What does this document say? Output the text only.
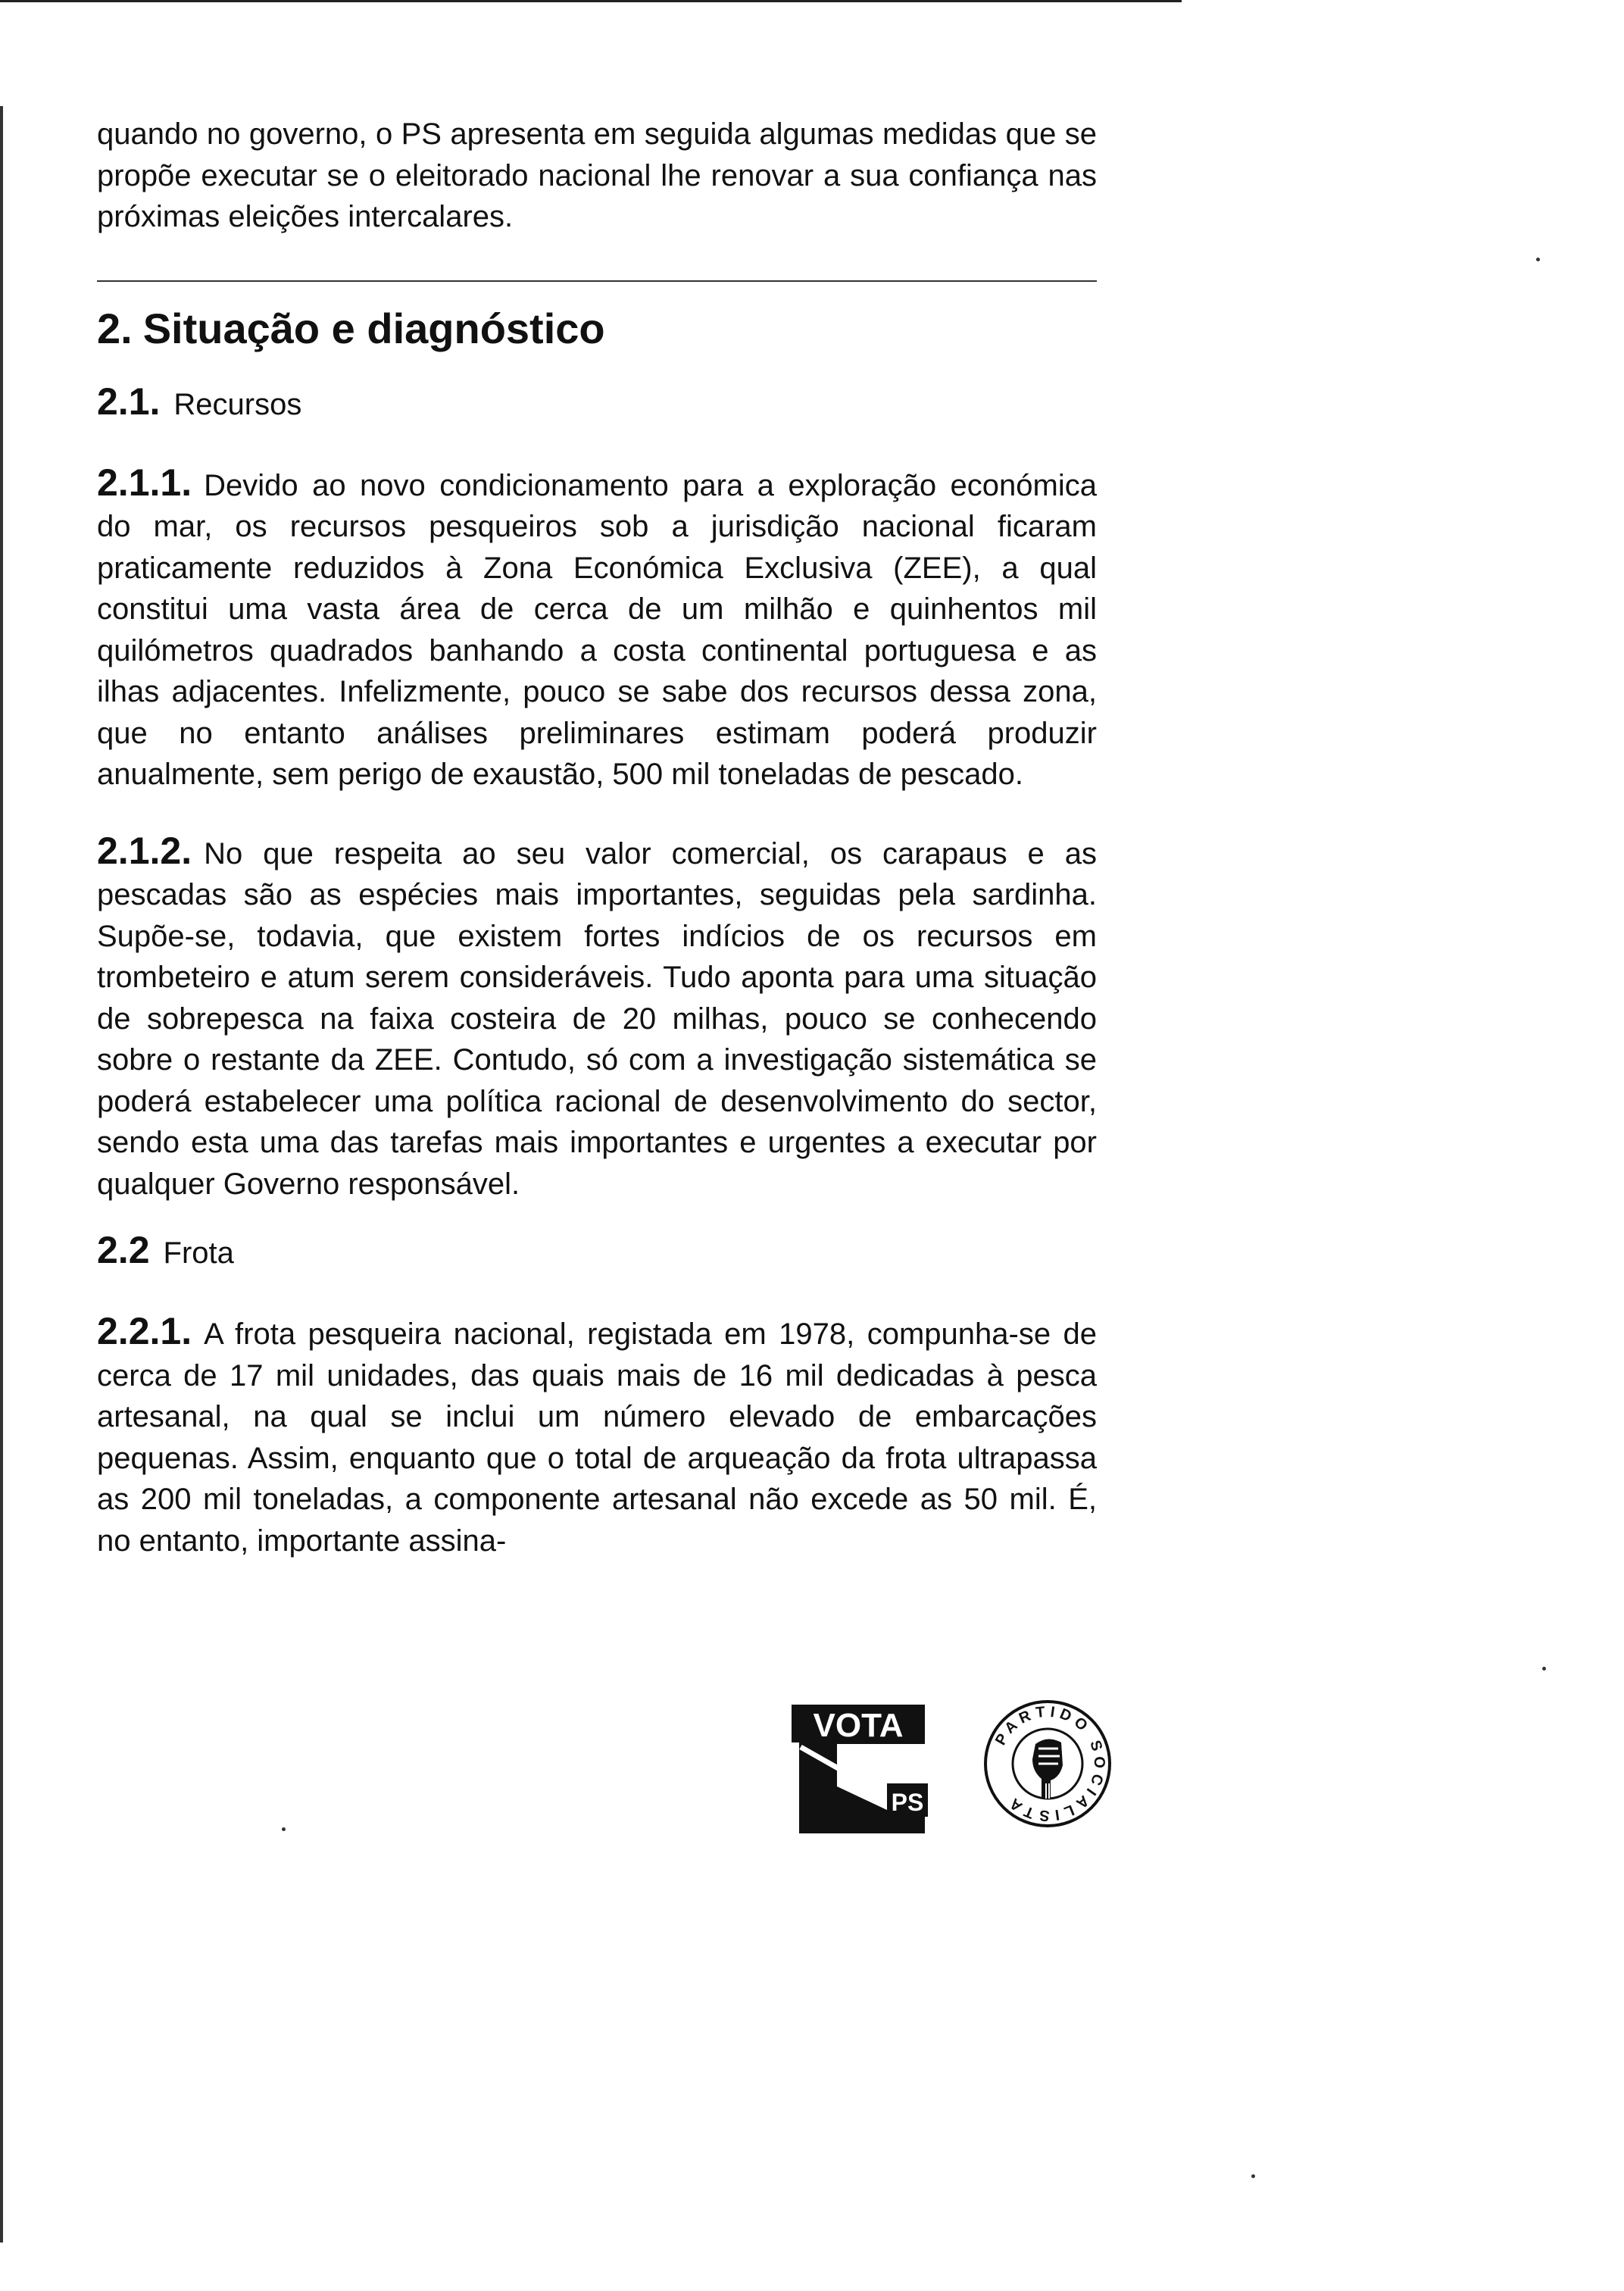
quando no governo, o PS apresenta em seguida algumas medidas que se propõe executar se o eleitorado nacional lhe renovar a sua confiança nas próximas eleições intercalares.

2. Situação e diagnóstico
2.1. Recursos

2.1.1. Devido ao novo condicionamento para a exploração económica do mar, os recursos pesqueiros sob a jurisdição nacional ficaram praticamente reduzidos à Zona Económica Exclusiva (ZEE), a qual constitui uma vasta área de cerca de um milhão e quinhentos mil quilómetros quadrados banhando a costa continental portuguesa e as ilhas adjacentes. Infelizmente, pouco se sabe dos recursos dessa zona, que no entanto análises preliminares estimam poderá produzir anualmente, sem perigo de exaustão, 500 mil toneladas de pescado.

2.1.2. No que respeita ao seu valor comercial, os carapaus e as pescadas são as espécies mais importantes, seguidas pela sardinha. Supõe-se, todavia, que existem fortes indícios de os recursos em trombeteiro e atum serem consideráveis. Tudo aponta para uma situação de sobrepesca na faixa costeira de 20 milhas, pouco se conhecendo sobre o restante da ZEE. Contudo, só com a investigação sistemática se poderá estabelecer uma política racional de desenvolvimento do sector, sendo esta uma das tarefas mais importantes e urgentes a executar por qualquer Governo responsável.

2.2 Frota

2.2.1. A frota pesqueira nacional, registada em 1978, compunha-se de cerca de 17 mil unidades, das quais mais de 16 mil dedicadas à pesca artesanal, na qual se inclui um número elevado de embarcações pequenas. Assim, enquanto que o total de arqueação da frota ultrapassa as 200 mil toneladas, a componente artesanal não excede as 50 mil. É, no entanto, importante assina-

VOTA
PS
PARTIDO SOCIALISTA
